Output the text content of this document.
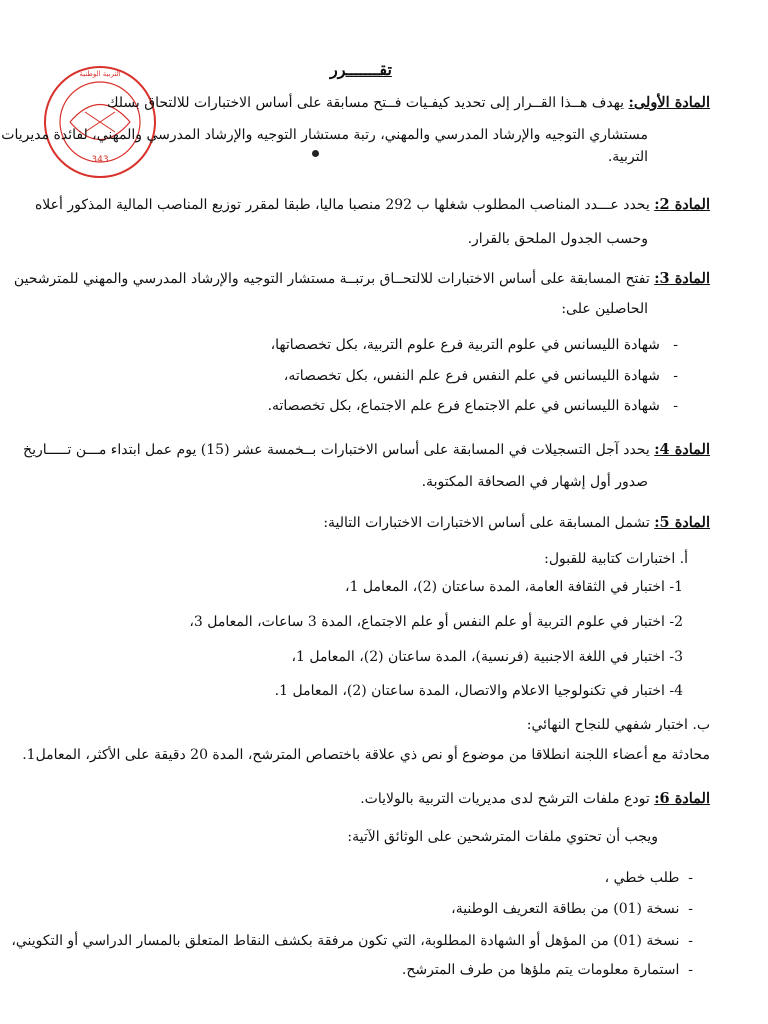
343
التربية الوطنية	تقـــــــرر
المادة الأولى: يهدف هــذا القــرار إلى تحديد كيفـيات فــتح مسابقة على أساس الاختبارات للالتحاق بسلك
مستشاري التوجيه والإرشاد المدرسي والمهني، رتبة مستشار التوجيه والإرشاد المدرسي والمهني، لفائدة مديريات
التربية.
المادة 2: يحدد عـــدد المناصب المطلوب شغلها ب 292 منصبا ماليا، طبقا لمقرر توزيع المناصب المالية المذكور أعلاه
وحسب الجدول الملحق بالقرار.
المادة 3: تفتح المسابقة على أساس الاختبارات للالتحــاق برتبــة مستشار التوجيه والإرشاد المدرسي والمهني للمترشحين
الحاصلين على:
-   شهادة الليسانس في علوم التربية فرع علوم التربية، بكل تخصصاتها،
-   شهادة الليسانس في علم النفس فرع علم النفس، بكل تخصصاته،
-   شهادة الليسانس في علم الاجتماع فرع علم الاجتماع، بكل تخصصاته.
المادة 4: يحدد آجل التسجيلات في المسابقة على أساس الاختبارات بــخمسة عشر (15) يوم عمل ابتداء مـــن تـــــاريخ
صدور أول إشهار في الصحافة المكتوبة.
المادة 5: تشمل المسابقة على أساس الاختبارات الاختبارات التالية:
أ. اختبارات كتابية للقبول:
1- اختبار في الثقافة العامة، المدة ساعتان (2)، المعامل 1،
2- اختبار في علوم التربية أو علم النفس أو علم الاجتماع، المدة 3 ساعات، المعامل 3،
3- اختبار في اللغة الاجنبية (فرنسية)، المدة ساعتان (2)، المعامل 1،
4- اختبار في تكنولوجيا الاعلام والاتصال، المدة ساعتان (2)، المعامل 1.
ب. اختبار شفهي للنجاح النهائي:
محادثة مع أعضاء اللجنة انطلاقا من موضوع أو نص ذي علاقة باختصاص المترشح، المدة 20 دقيقة على الأكثر، المعامل1.
المادة 6: تودع ملفات الترشح لدى مديريات التربية بالولايات.
ويجب أن تحتوي ملفات المترشحين على الوثائق الآتية:
-  طلب خطي ،
-  نسخة (01) من بطاقة التعريف الوطنية،
-  نسخة (01) من المؤهل أو الشهادة المطلوبة، التي تكون مرفقة بكشف النقاط المتعلق بالمسار الدراسي أو التكويني،
-  استمارة معلومات يتم ملؤها من طرف المترشح.
